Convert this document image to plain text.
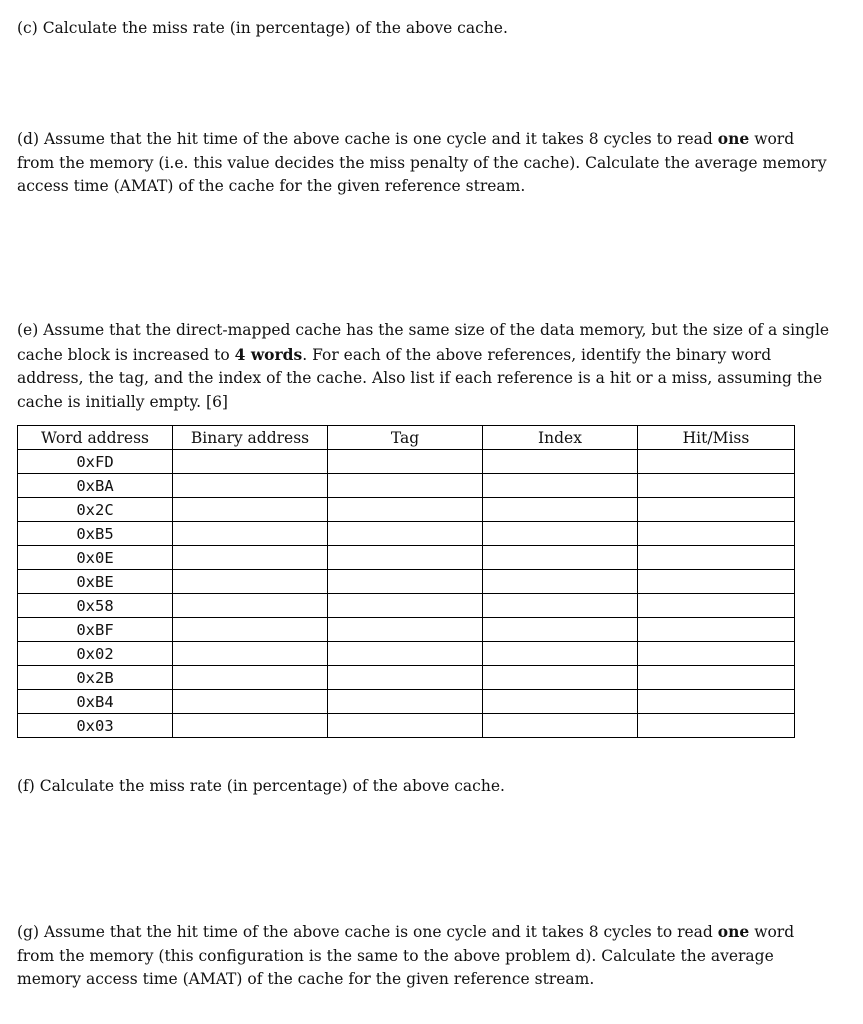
(c) Calculate the miss rate (in percentage) of the above cache.

(d) Assume that the hit time of the above cache is one cycle and it takes 8 cycles to read one word from the memory (i.e. this value decides the miss penalty of the cache). Calculate the average memory access time (AMAT) of the cache for the given reference stream.

(e) Assume that the direct-mapped cache has the same size of the data memory, but the size of a single cache block is increased to 4 words. For each of the above references, identify the binary word address, the tag, and the index of the cache. Also list if each reference is a hit or a miss, assuming the cache is initially empty. [6]

Word address	Binary address	Tag	Index	Hit/Miss
0xFD				
0xBA				
0x2C				
0xB5				
0x0E				
0xBE				
0x58				
0xBF				
0x02				
0x2B				
0xB4				
0x03				

(f) Calculate the miss rate (in percentage) of the above cache.

(g) Assume that the hit time of the above cache is one cycle and it takes 8 cycles to read one word from the memory (this configuration is the same to the above problem d). Calculate the average memory access time (AMAT) of the cache for the given reference stream.
